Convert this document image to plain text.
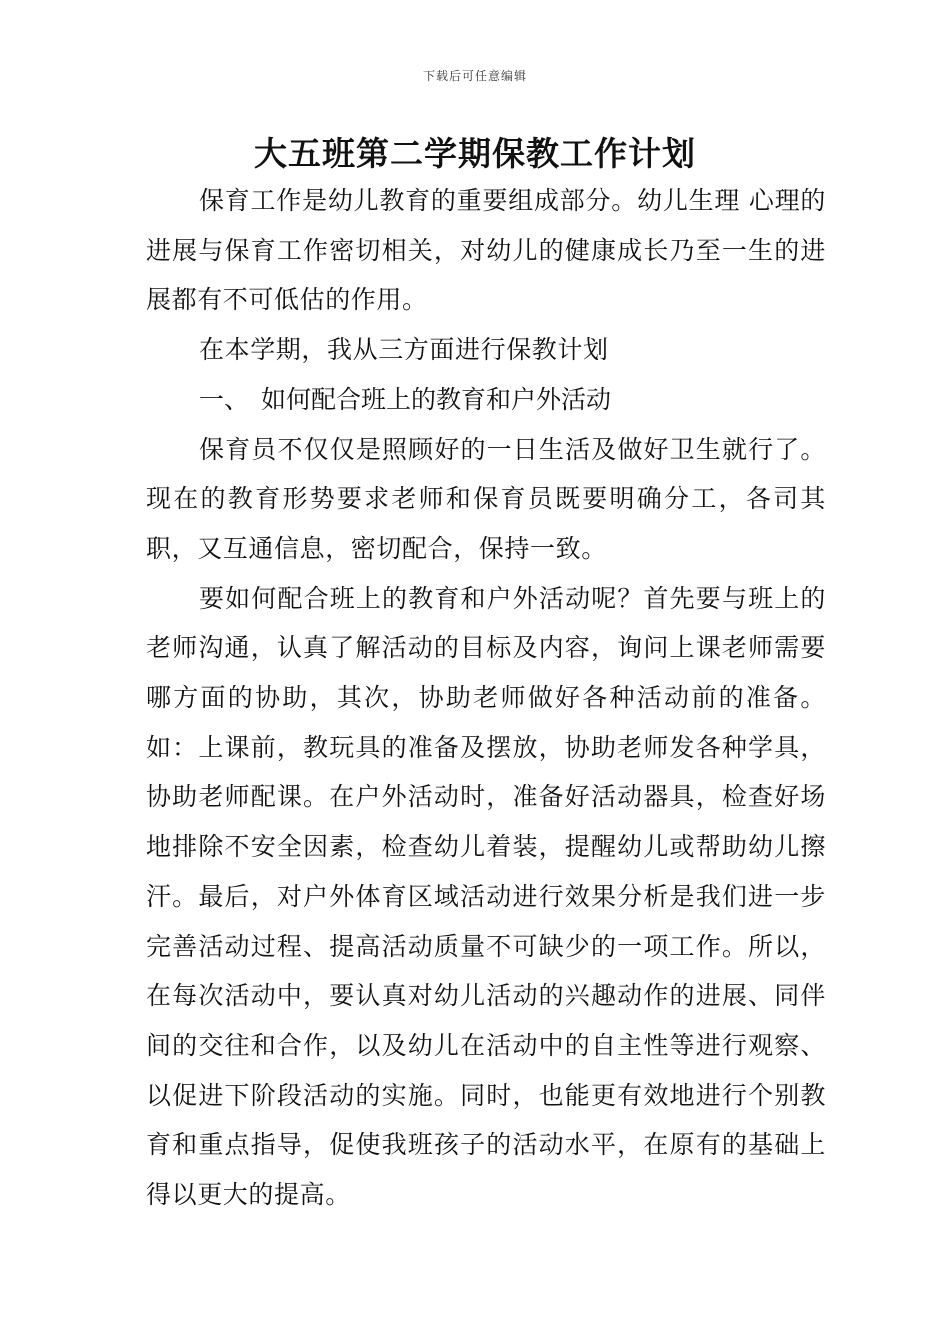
下载后可任意编辑
大五班第二学期保教工作计划

保育工作是幼儿教育的重要组成部分。幼儿生理 心理的进展与保育工作密切相关，对幼儿的健康成长乃至一生的进展都有不可低估的作用。

在本学期，我从三方面进行保教计划

一、 如何配合班上的教育和户外活动

保育员不仅仅是照顾好的一日生活及做好卫生就行了。现在的教育形势要求老师和保育员既要明确分工，各司其职，又互通信息，密切配合，保持一致。

要如何配合班上的教育和户外活动呢？首先要与班上的老师沟通，认真了解活动的目标及内容，询问上课老师需要哪方面的协助，其次，协助老师做好各种活动前的准备。如：上课前，教玩具的准备及摆放，协助老师发各种学具，协助老师配课。在户外活动时，准备好活动器具，检查好场地排除不安全因素，检查幼儿着装，提醒幼儿或帮助幼儿擦汗。最后，对户外体育区域活动进行效果分析是我们进一步完善活动过程、提高活动质量不可缺少的一项工作。所以，在每次活动中，要认真对幼儿活动的兴趣动作的进展、同伴间的交往和合作，以及幼儿在活动中的自主性等进行观察、以促进下阶段活动的实施。同时，也能更有效地进行个别教育和重点指导，促使我班孩子的活动水平，在原有的基础上得以更大的提高。
